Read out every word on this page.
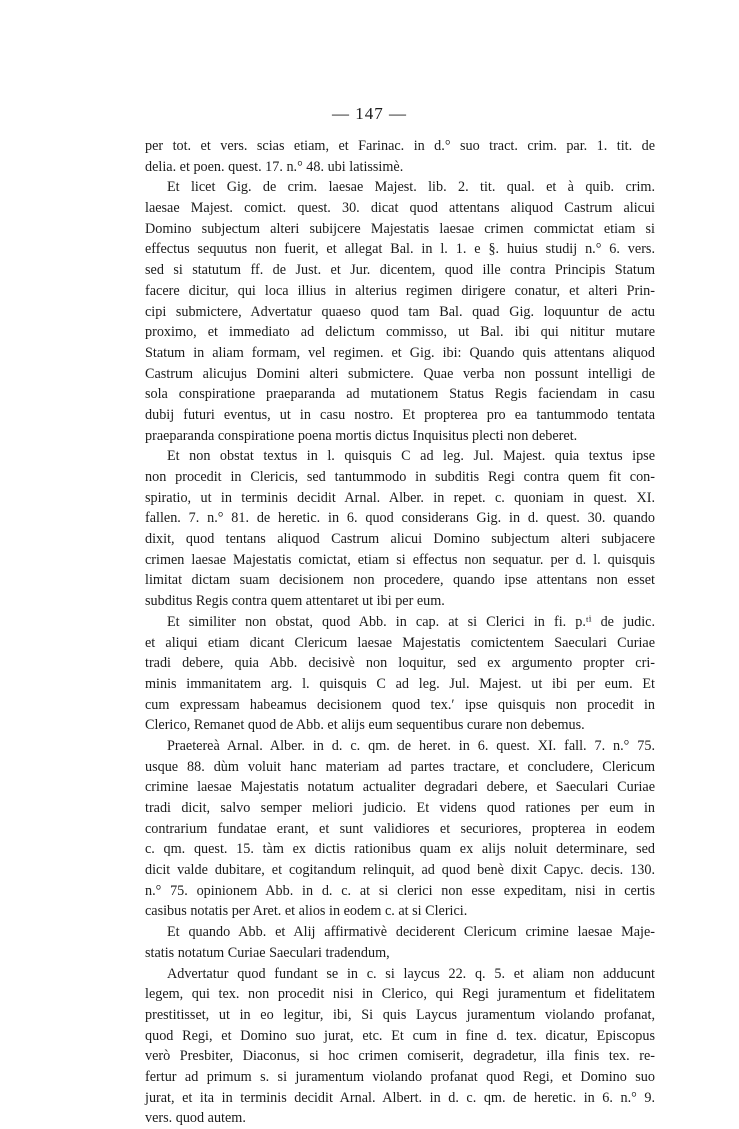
— 147 —
per tot. et vers. scias etiam, et Farinac. in d.° suo tract. crim. par. 1. tit. de
delia. et poen. quest. 17. n.° 48. ubi latissimè.
Et licet Gig. de crim. laesae Majest. lib. 2. tit. qual. et à quib. crim.
laesae Majest. comict. quest. 30. dicat quod attentans aliquod Castrum alicui
Domino subjectum alteri subijcere Majestatis laesae crimen commictat etiam si
effectus sequutus non fuerit, et allegat Bal. in l. 1. e §. huius studij n.° 6. vers.
sed si statutum ff. de Just. et Jur. dicentem, quod ille contra Principis Statum
facere dicitur, qui loca illius in alterius regimen dirigere conatur, et alteri Prin-
cipi submictere, Advertatur quaeso quod tam Bal. quad Gig. loquuntur de actu
proximo, et immediato ad delictum commisso, ut Bal. ibi qui nititur mutare
Statum in aliam formam, vel regimen. et Gig. ibi: Quando quis attentans aliquod
Castrum alicujus Domini alteri submictere. Quae verba non possunt intelligi de
sola conspiratione praeparanda ad mutationem Status Regis faciendam in casu
dubij futuri eventus, ut in casu nostro. Et propterea pro ea tantummodo tentata
praeparanda conspiratione poena mortis dictus Inquisitus plecti non deberet.
Et non obstat textus in l. quisquis C ad leg. Jul. Majest. quia textus ipse
non procedit in Clericis, sed tantummodo in subditis Regi contra quem fit con-
spiratio, ut in terminis decidit Arnal. Alber. in repet. c. quoniam in quest. XI.
fallen. 7. n.° 81. de heretic. in 6. quod considerans Gig. in d. quest. 30. quando
dixit, quod tentans aliquod Castrum alicui Domino subjectum alteri subjacere
crimen laesae Majestatis comictat, etiam si effectus non sequatur. per d. l. quisquis
limitat dictam suam decisionem non procedere, quando ipse attentans non esset
subditus Regis contra quem attentaret ut ibi per eum.
Et similiter non obstat, quod Abb. in cap. at si Clerici in fi. p.ᵗⁱ de judic.
et aliqui etiam dicant Clericum laesae Majestatis comictentem Saeculari Curiae
tradi debere, quia Abb. decisivè non loquitur, sed ex argumento propter cri-
minis immanitatem arg. l. quisquis C ad leg. Jul. Majest. ut ibi per eum. Et
cum expressam habeamus decisionem quod tex.ʹ ipse quisquis non procedit in
Clerico, Remanet quod de Abb. et alijs eum sequentibus curare non debemus.
Praetereà Arnal. Alber. in d. c. qm. de heret. in 6. quest. XI. fall. 7. n.° 75.
usque 88. dùm voluit hanc materiam ad partes tractare, et concludere, Clericum
crimine laesae Majestatis notatum actualiter degradari debere, et Saeculari Curiae
tradi dicit, salvo semper meliori judicio. Et videns quod rationes per eum in
contrarium fundatae erant, et sunt validiores et securiores, propterea in eodem
c. qm. quest. 15. tàm ex dictis rationibus quam ex alijs noluit determinare, sed
dicit valde dubitare, et cogitandum relinquit, ad quod benè dixit Capyc. decis. 130.
n.° 75. opinionem Abb. in d. c. at si clerici non esse expeditam, nisi in certis
casibus notatis per Aret. et alios in eodem c. at si Clerici.
Et quando Abb. et Alij affirmativè deciderent Clericum crimine laesae Maje-
statis notatum Curiae Saeculari tradendum,
Advertatur quod fundant se in c. si laycus 22. q. 5. et aliam non adducunt
legem, qui tex. non procedit nisi in Clerico, qui Regi juramentum et fidelitatem
prestitisset, ut in eo legitur, ibi, Si quis Laycus juramentum violando profanat,
quod Regi, et Domino suo jurat, etc. Et cum in fine d. tex. dicatur, Episcopus
verò Presbiter, Diaconus, si hoc crimen comiserit, degradetur, illa finis tex. re-
fertur ad primum s. si juramentum violando profanat quod Regi, et Domino suo
jurat, et ita in terminis decidit Arnal. Albert. in d. c. qm. de heretic. in 6. n.° 9.
vers. quod autem.
